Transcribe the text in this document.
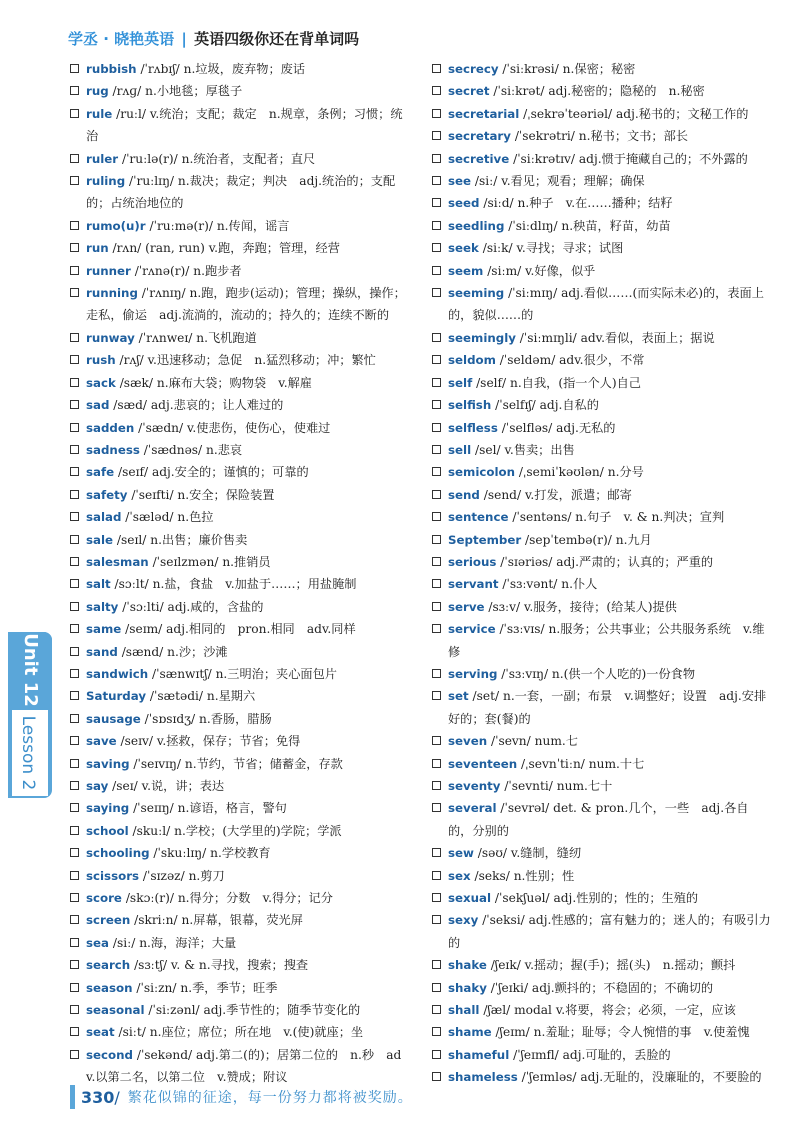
学丞 · 晓艳英语 | 英语四级你还在背单词吗
rubbish /ˈrʌbɪʃ/ n.垃圾，废弃物；废话
rug /rʌɡ/ n.小地毯；厚毯子
rule /ruːl/ v.统治；支配；裁定　n.规章，条例；习惯；统治
ruler /ˈruːlə(r)/ n.统治者，支配者；直尺
ruling /ˈruːlɪŋ/ n.裁决；裁定；判决　adj.统治的；支配的；占统治地位的
rumo(u)r /ˈruːmə(r)/ n.传闻，谣言
run /rʌn/ (ran, run) v.跑，奔跑；管理，经营
runner /ˈrʌnə(r)/ n.跑步者
running /ˈrʌnɪŋ/ n.跑，跑步(运动)；管理；操纵，操作；走私，偷运　adj.流淌的，流动的；持久的；连续不断的
runway /ˈrʌnweɪ/ n.飞机跑道
rush /rʌʃ/ v.迅速移动；急促　n.猛烈移动；冲；繁忙
sack /sæk/ n.麻布大袋；购物袋　v.解雇
sad /sæd/ adj.悲哀的；让人难过的
sadden /ˈsædn/ v.使悲伤，使伤心，使难过
sadness /ˈsædnəs/ n.悲哀
safe /seɪf/ adj.安全的；谨慎的；可靠的
safety /ˈseɪfti/ n.安全；保险装置
salad /ˈsæləd/ n.色拉
sale /seɪl/ n.出售；廉价售卖
salesman /ˈseɪlzmən/ n.推销员
salt /sɔːlt/ n.盐，食盐　v.加盐于……；用盐腌制
salty /ˈsɔːlti/ adj.咸的，含盐的
same /seɪm/ adj.相同的　pron.相同　adv.同样
sand /sænd/ n.沙；沙滩
sandwich /ˈsænwɪtʃ/ n.三明治；夹心面包片
Saturday /ˈsætədi/ n.星期六
sausage /ˈsɒsɪdʒ/ n.香肠，腊肠
save /seɪv/ v.拯救，保存；节省；免得
saving /ˈseɪvɪŋ/ n.节约，节省；储蓄金，存款
say /seɪ/ v.说，讲；表达
saying /ˈseɪɪŋ/ n.谚语，格言，警句
school /skuːl/ n.学校；(大学里的)学院；学派
schooling /ˈskuːlɪŋ/ n.学校教育
scissors /ˈsɪzəz/ n.剪刀
score /skɔː(r)/ n.得分；分数　v.得分；记分
screen /skriːn/ n.屏幕，银幕，荧光屏
sea /siː/ n.海，海洋；大量
search /sɜːtʃ/ v. & n.寻找，搜索；搜查
season /ˈsiːzn/ n.季，季节；旺季
seasonal /ˈsiːzənl/ adj.季节性的；随季节变化的
seat /siːt/ n.座位；席位；所在地　v.(使)就座；坐
second /ˈsekənd/ adj.第二(的)；居第二位的　n.秒　adv.以第二名，以第二位　v.赞成；附议
secrecy /ˈsiːkrəsi/ n.保密；秘密
secret /ˈsiːkrət/ adj.秘密的；隐秘的　n.秘密
secretarial /ˌsekrəˈteəriəl/ adj.秘书的；文秘工作的
secretary /ˈsekrətri/ n.秘书；文书；部长
secretive /ˈsiːkrətɪv/ adj.惯于掩藏自己的；不外露的
see /siː/ v.看见；观看；理解；确保
seed /siːd/ n.种子　v.在……播种；结籽
seedling /ˈsiːdlɪŋ/ n.秧苗，籽苗，幼苗
seek /siːk/ v.寻找；寻求；试图
seem /siːm/ v.好像，似乎
seeming /ˈsiːmɪŋ/ adj.看似……(而实际未必)的，表面上的，貌似……的
seemingly /ˈsiːmɪŋli/ adv.看似，表面上；据说
seldom /ˈseldəm/ adv.很少，不常
self /self/ n.自我，(指一个人)自己
selfish /ˈselfɪʃ/ adj.自私的
selfless /ˈselfləs/ adj.无私的
sell /sel/ v.售卖；出售
semicolon /ˌsemiˈkəʊlən/ n.分号
send /send/ v.打发，派遣；邮寄
sentence /ˈsentəns/ n.句子　v. & n.判决；宣判
September /sepˈtembə(r)/ n.九月
serious /ˈsɪəriəs/ adj.严肃的；认真的；严重的
servant /ˈsɜːvənt/ n.仆人
serve /sɜːv/ v.服务，接待；(给某人)提供
service /ˈsɜːvɪs/ n.服务；公共事业；公共服务系统　v.维修
serving /ˈsɜːvɪŋ/ n.(供一个人吃的)一份食物
set /set/ n.一套，一副；布景　v.调整好；设置　adj.安排好的；套(餐)的
seven /ˈsevn/ num.七
seventeen /ˌsevnˈtiːn/ num.十七
seventy /ˈsevnti/ num.七十
several /ˈsevrəl/ det. & pron.几个，一些　adj.各自的，分别的
sew /səʊ/ v.缝制，缝纫
sex /seks/ n.性别；性
sexual /ˈsekʃuəl/ adj.性别的；性的；生殖的
sexy /ˈseksi/ adj.性感的；富有魅力的；迷人的；有吸引力的
shake /ʃeɪk/ v.摇动；握(手)；摇(头)　n.摇动；颤抖
shaky /ˈʃeɪki/ adj.颤抖的；不稳固的；不确切的
shall /ʃæl/ modal v.将要，将会；必须，一定，应该
shame /ʃeɪm/ n.羞耻；耻辱；令人惋惜的事　v.使羞愧
shameful /ˈʃeɪmfl/ adj.可耻的，丢脸的
shameless /ˈʃeɪmləs/ adj.无耻的，没廉耻的，不要脸的
Unit 12
Lesson 2
330 / 繁花似锦的征途，每一份努力都将被奖励。
